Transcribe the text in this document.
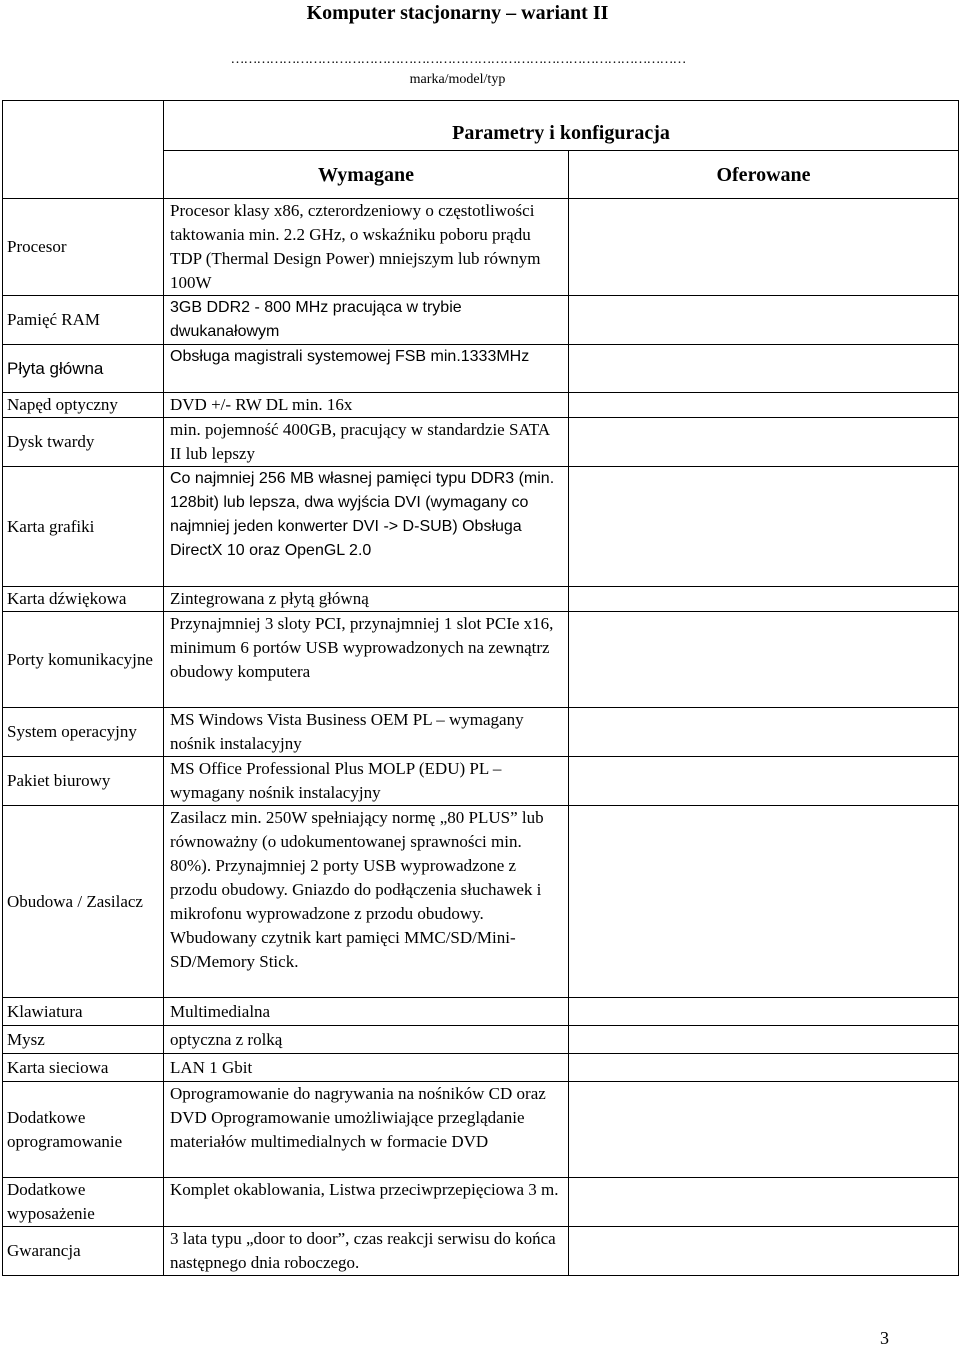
Komputer stacjonarny – wariant II
……………………………………………………………………………………………
marka/model/typ
	Parametry i konfiguracja	
	Wymagane	Oferowane
Procesor	Procesor klasy x86, czterordzeniowy o częstotliwości taktowania min. 2.2 GHz, o wskaźniku poboru prądu TDP (Thermal Design Power) mniejszym lub równym 100W	
Pamięć RAM	3GB DDR2 - 800 MHz pracująca w trybie dwukanałowym	
Płyta główna	Obsługa magistrali systemowej FSB min.1333MHz	
Napęd optyczny	DVD +/- RW DL min. 16x	
Dysk twardy	min. pojemność 400GB, pracujący w standardzie SATA II lub lepszy	
Karta grafiki	Co najmniej 256 MB własnej pamięci typu DDR3 (min. 128bit) lub lepsza, dwa wyjścia DVI (wymagany co najmniej jeden konwerter DVI -> D-SUB) Obsługa DirectX 10 oraz OpenGL 2.0	
Karta dźwiękowa	Zintegrowana z płytą główną	
Porty komunikacyjne	Przynajmniej 3 sloty PCI, przynajmniej 1 slot PCIe x16, minimum 6 portów USB wyprowadzonych na zewnątrz obudowy komputera	
System operacyjny	MS Windows Vista Business OEM PL – wymagany nośnik instalacyjny	
Pakiet biurowy	MS Office Professional Plus MOLP (EDU) PL – wymagany nośnik instalacyjny	
Obudowa / Zasilacz	Zasilacz min. 250W spełniający normę „80 PLUS” lub równoważny (o udokumentowanej sprawności min. 80%). Przynajmniej 2 porty USB wyprowadzone z przodu obudowy. Gniazdo do podłączenia słuchawek i mikrofonu wyprowadzone z przodu obudowy. Wbudowany czytnik kart pamięci MMC/SD/Mini-SD/Memory Stick.	
Klawiatura	Multimedialna	
Mysz	optyczna z rolką	
Karta sieciowa	LAN 1 Gbit	
Dodatkowe oprogramowanie	Oprogramowanie do nagrywania na nośników CD oraz DVD Oprogramowanie umożliwiające przeglądanie materiałów multimedialnych w formacie DVD	
Dodatkowe wyposażenie	Komplet okablowania, Listwa przeciwprzepięciowa 3 m.	
Gwarancja	3 lata typu „door to door”, czas reakcji serwisu do końca następnego dnia roboczego.	
3
